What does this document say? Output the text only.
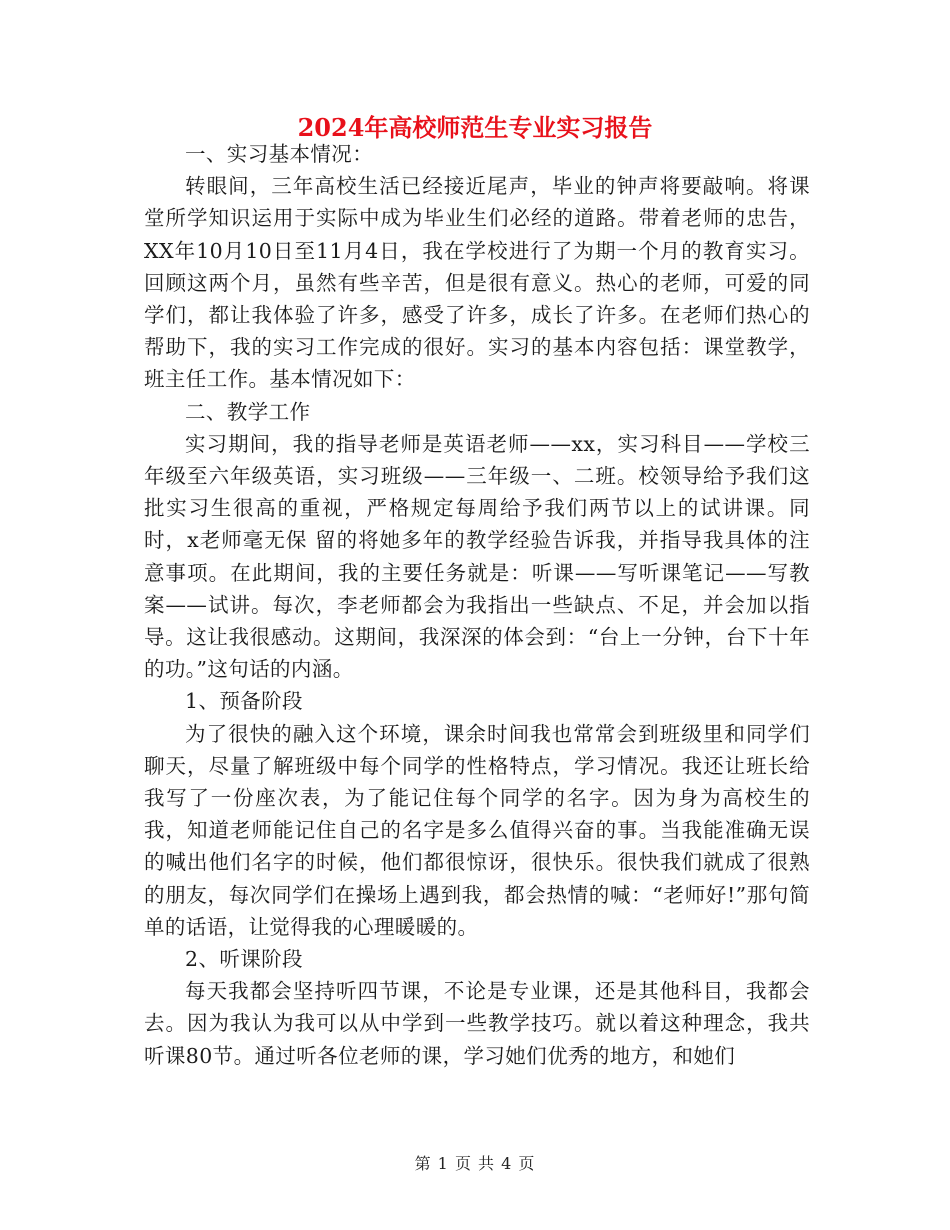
2024年高校师范生专业实习报告

一、实习基本情况：

转眼间，三年高校生活已经接近尾声，毕业的钟声将要敲响。将课堂所学知识运用于实际中成为毕业生们必经的道路。带着老师的忠告，XX年10月10日至11月4日，我在学校进行了为期一个月的教育实习。回顾这两个月，虽然有些辛苦，但是很有意义。热心的老师，可爱的同学们，都让我体验了许多，感受了许多，成长了许多。在老师们热心的帮助下，我的实习工作完成的很好。实习的基本内容包括：课堂教学，班主任工作。基本情况如下：

二、教学工作

实习期间，我的指导老师是英语老师——xx，实习科目——学校三年级至六年级英语，实习班级——三年级一、二班。校领导给予我们这批实习生很高的重视，严格规定每周给予我们两节以上的试讲课。同时，x老师毫无保 留的将她多年的教学经验告诉我，并指导我具体的注意事项。在此期间，我的主要任务就是：听课——写听课笔记——写教案——试讲。每次，李老师都会为我指出一些缺点、不足，并会加以指导。这让我很感动。这期间，我深深的体会到：“台上一分钟，台下十年的功。”这句话的内涵。

1、预备阶段

为了很快的融入这个环境，课余时间我也常常会到班级里和同学们聊天，尽量了解班级中每个同学的性格特点，学习情况。我还让班长给我写了一份座次表，为了能记住每个同学的名字。因为身为高校生的我，知道老师能记住自己的名字是多么值得兴奋的事。当我能准确无误的喊出他们名字的时候，他们都很惊讶，很快乐。很快我们就成了很熟的朋友，每次同学们在操场上遇到我，都会热情的喊：“老师好!”那句简单的话语，让觉得我的心理暖暖的。

2、听课阶段

每天我都会坚持听四节课，不论是专业课，还是其他科目，我都会去。因为我认为我可以从中学到一些教学技巧。就以着这种理念，我共听课80节。通过听各位老师的课，学习她们优秀的地方，和她们

第 1 页 共 4 页
